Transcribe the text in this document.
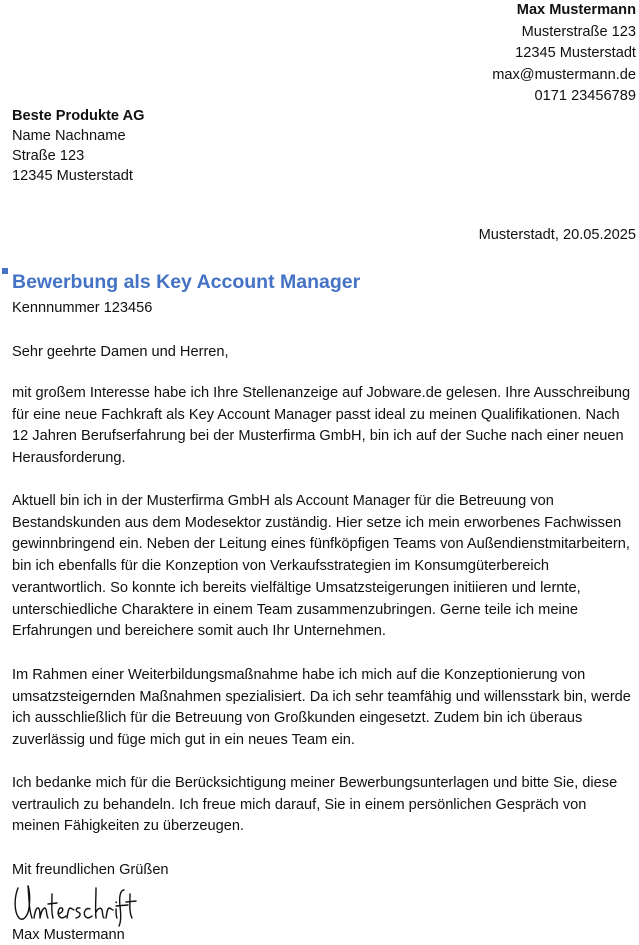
Max Mustermann
Musterstraße 123
12345 Musterstadt
max@mustermann.de
0171 23456789
Beste Produkte AG
Name Nachname
Straße 123
12345 Musterstadt
Musterstadt, 20.05.2025
Bewerbung als Key Account Manager
Kennnummer 123456
Sehr geehrte Damen und Herren,

mit großem Interesse habe ich Ihre Stellenanzeige auf Jobware.de gelesen. Ihre Ausschreibung für eine neue Fachkraft als Key Account Manager passt ideal zu meinen Qualifikationen. Nach 12 Jahren Berufserfahrung bei der Musterfirma GmbH, bin ich auf der Suche nach einer neuen Herausforderung.

Aktuell bin ich in der Musterfirma GmbH als Account Manager für die Betreuung von Bestandskunden aus dem Modesektor zuständig. Hier setze ich mein erworbenes Fachwissen gewinnbringend ein. Neben der Leitung eines fünfköpfigen Teams von Außendienstmitarbeitern, bin ich ebenfalls für die Konzeption von Verkaufsstrategien im Konsumgüterbereich verantwortlich. So konnte ich bereits vielfältige Umsatzsteigerungen initiieren und lernte, unterschiedliche Charaktere in einem Team zusammenzubringen. Gerne teile ich meine Erfahrungen und bereichere somit auch Ihr Unternehmen.

Im Rahmen einer Weiterbildungsmaßnahme habe ich mich auf die Konzeptionierung von umsatzsteigernden Maßnahmen spezialisiert. Da ich sehr teamfähig und willensstark bin, werde ich ausschließlich für die Betreuung von Großkunden eingesetzt. Zudem bin ich überaus zuverlässig und füge mich gut in ein neues Team ein.

Ich bedanke mich für die Berücksichtigung meiner Bewerbungsunterlagen und bitte Sie, diese vertraulich zu behandeln. Ich freue mich darauf, Sie in einem persönlichen Gespräch von meinen Fähigkeiten zu überzeugen.

Mit freundlichen Grüßen
Max Mustermann
